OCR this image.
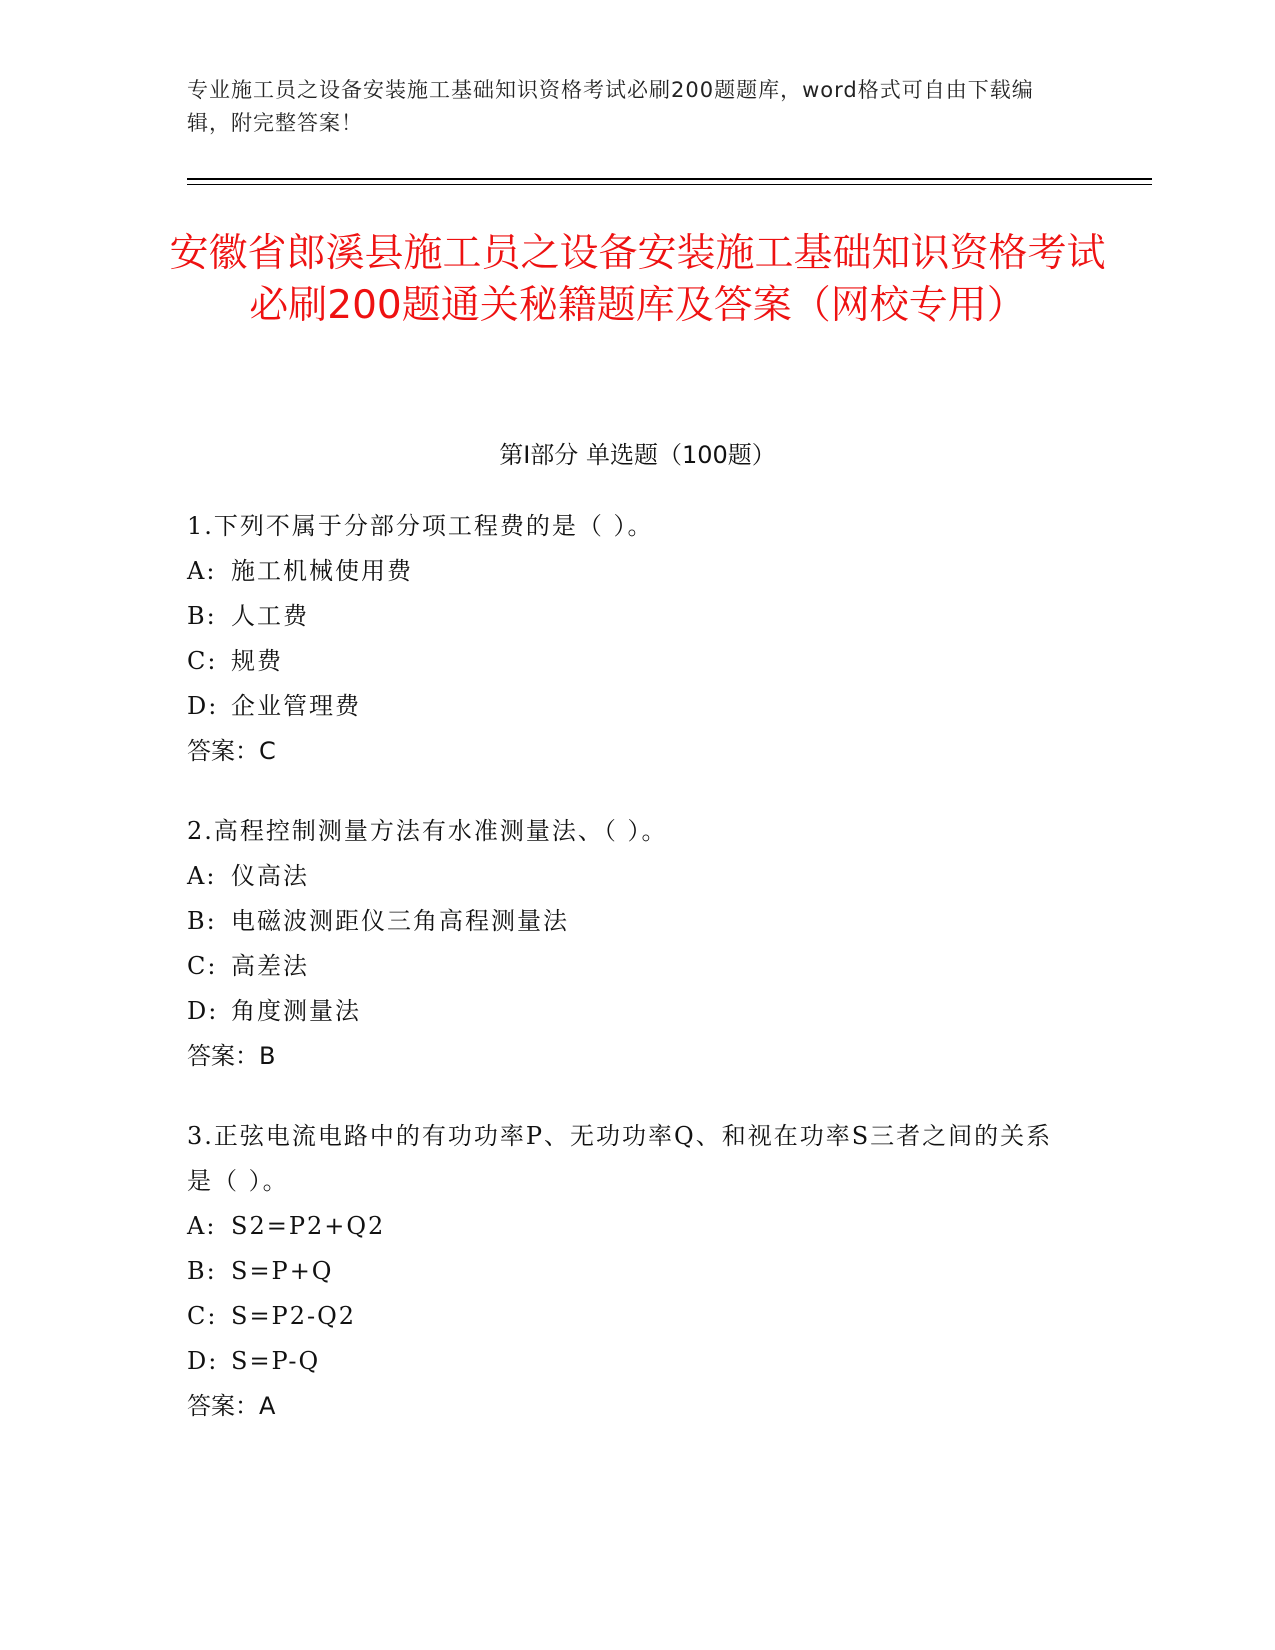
专业施工员之设备安装施工基础知识资格考试必刷200题题库，word格式可自由下载编辑，附完整答案！
安徽省郎溪县施工员之设备安装施工基础知识资格考试必刷200题通关秘籍题库及答案（网校专用）
第Ⅰ部分 单选题（100题）
1.下列不属于分部分项工程费的是（ ）。
A: 施工机械使用费
B: 人工费
C: 规费
D: 企业管理费
答案：C
2.高程控制测量方法有水准测量法、（ ）。
A: 仪高法
B: 电磁波测距仪三角高程测量法
C: 高差法
D: 角度测量法
答案：B
3.正弦电流电路中的有功功率P、无功功率Q、和视在功率S三者之间的关系是（ ）。
A: S2=P2+Q2
B: S=P+Q
C: S=P2-Q2
D: S=P-Q
答案：A
